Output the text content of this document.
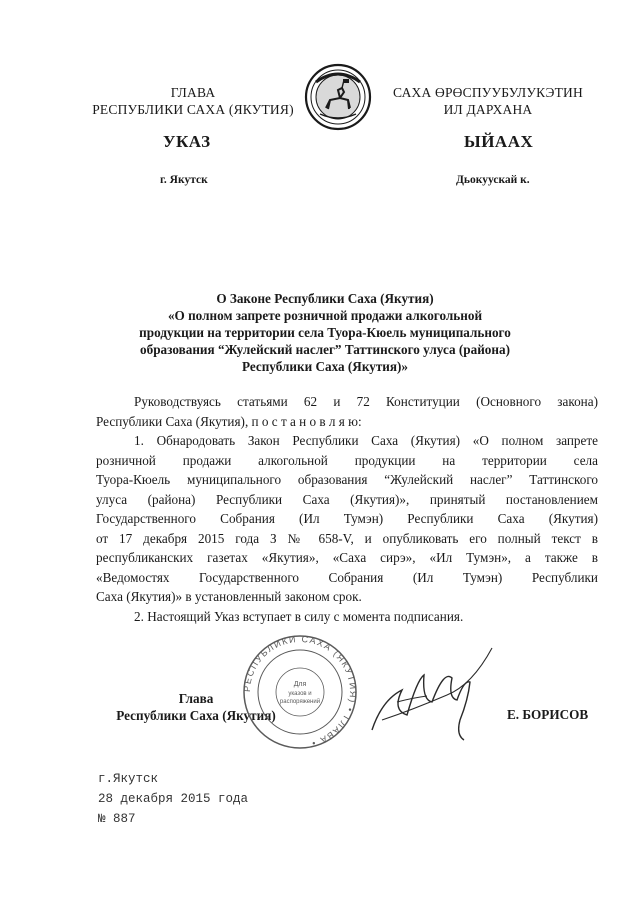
ГЛАВА
РЕСПУБЛИКИ САХА (ЯКУТИЯ)
САХА ӨРӨСПУУБУЛУКЭТИН
ИЛ ДАРХАНА
УКАЗ	ЫЙААХ
г. Якутск	Дьокуускай к.
О Законе Республики Саха (Якутия)
«О полном запрете розничной продажи алкогольной
продукции на территории села Туора-Кюель муниципального
образования “Жулейский наслег” Таттинского улуса (района)
Республики Саха (Якутия)»
Руководствуясь статьями 62 и 72 Конституции (Основного закона)
Республики Саха (Якутия), п о с т а н о в л я ю:
1. Обнародовать Закон Республики Саха (Якутия) «О полном запрете
розничной продажи алкогольной продукции на территории села
Туора-Кюель муниципального образования “Жулейский наслег” Таттинского
улуса (района) Республики Саха (Якутия)», принятый постановлением
Государственного Собрания (Ил Тумэн) Республики Саха (Якутия)
от 17 декабря 2015 года З № 658-V, и опубликовать его полный текст в
республиканских газетах «Якутия», «Саха сирэ», «Ил Тумэн», а также в
«Ведомостях Государственного Собрания (Ил Тумэн) Республики
Саха (Якутия)» в установленный законом срок.
2. Настоящий Указ вступает в силу с момента подписания.
Глава
Республики Саха (Якутия)
РЕСПУБЛИКИ САХА (ЯКУТИЯ) • ГЛАВА •
Для
указов и
распоряжений
Е. БОРИСОВ
г.Якутск
28 декабря 2015 года
№ 887
